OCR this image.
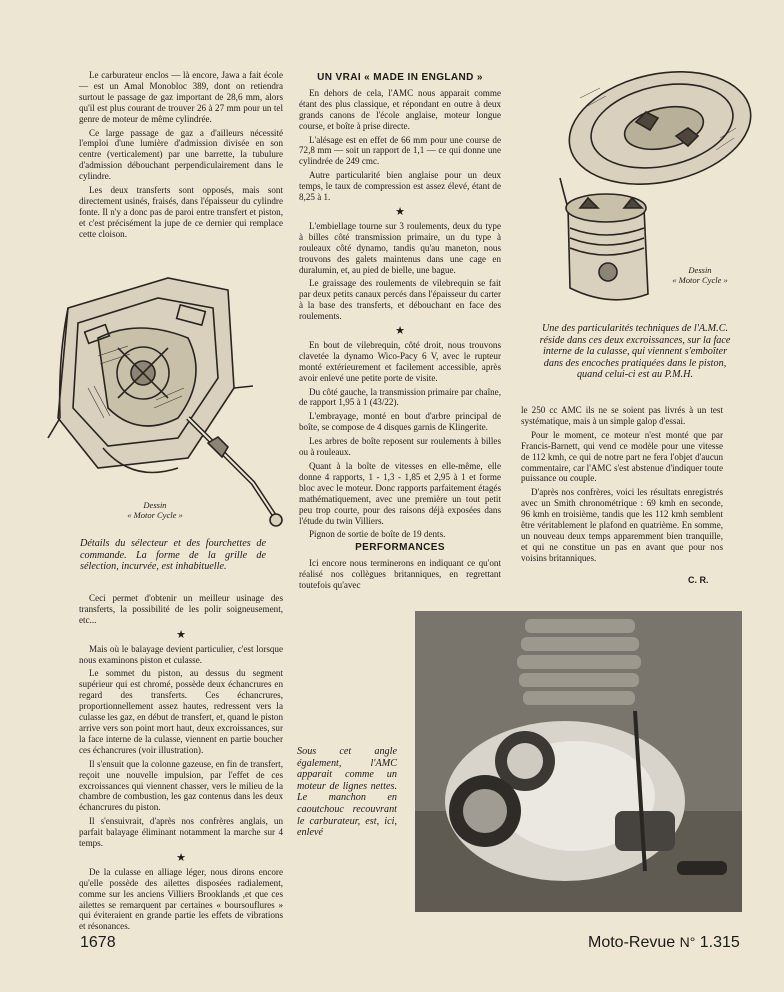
Le carburateur enclos — là encore, Jawa a fait école — est un Amal Monobloc 389, dont on retiendra surtout le passage de gaz important de 28,6 mm, alors qu'il est plus courant de trouver 26 à 27 mm pour un tel genre de moteur de même cylindrée.

Ce large passage de gaz a d'ailleurs nécessité l'emploi d'une lumière d'admission divisée en son centre (verticalement) par une barrette, la tubulure d'admission débouchant perpendiculairement dans le cylindre.

Les deux transferts sont opposés, mais sont directement usinés, fraisés, dans l'épaisseur du cylindre fonte. Il n'y a donc pas de paroi entre transfert et piston, et c'est précisément la jupe de ce dernier qui remplace cette cloison.

Dessin
« Motor Cycle »
Détails du sélecteur et des fourchettes de commande. La forme de la grille de sélection, incurvée, est inhabituelle.

Ceci permet d'obtenir un meilleur usinage des transferts, la possibilité de les polir soigneusement, etc...

★

Mais où le balayage devient particulier, c'est lorsque nous examinons piston et culasse.

Le sommet du piston, au dessus du segment supérieur qui est chromé, possède deux échancrures en regard des transferts. Ces échancrures, proportionnellement assez hautes, redressent vers la culasse les gaz, en début de transfert, et, quand le piston arrive vers son point mort haut, deux excroissances, sur la face interne de la culasse, viennent en partie boucher ces échancrures (voir illustration).

Il s'ensuit que la colonne gazeuse, en fin de transfert, reçoit une nouvelle impulsion, par l'effet de ces excroissances qui viennent chasser, vers le milieu de la chambre de combustion, les gaz contenus dans les deux échancrures du piston.

Il s'ensuivrait, d'après nos confrères anglais, un parfait balayage éliminant notamment la marche sur 4 temps.

★

De la culasse en alliage léger, nous dirons encore qu'elle possède des ailettes disposées radialement, comme sur les anciens Villiers Brooklands ,et que ces ailettes se remarquent par certaines « boursouflures » qui éviteraient en grande partie les effets de vibrations et résonances.

UN VRAI « MADE IN ENGLAND »

En dehors de cela, l'AMC nous apparait comme étant des plus classique, et répondant en outre à deux grands canons de l'école anglaise, moteur longue course, et boîte à prise directe.

L'alésage est en effet de 66 mm pour une course de 72,8 mm — soit un rapport de 1,1 — ce qui donne une cylindrée de 249 cmc.

Autre particularité bien anglaise pour un deux temps, le taux de compression est assez élevé, étant de 8,25 à 1.

★

L'embiellage tourne sur 3 roulements, deux du type à billes côté transmission primaire, un du type à rouleaux côté dynamo, tandis qu'au maneton, nous trouvons des galets maintenus dans une cage en duralumin, et, au pied de bielle, une bague.

Le graissage des roulements de vilebrequin se fait par deux petits canaux percés dans l'épaisseur du carter à la base des transferts, et débouchant en face des roulements.

★

En bout de vilebrequin, côté droit, nous trouvons clavetée la dynamo Wico-Pacy 6 V, avec le rupteur monté extérieurement et facilement accessible, après avoir enlevé une petite porte de visite.

Du côté gauche, la transmission primaire par chaîne, de rapport 1,95 à 1 (43/22).

L'embrayage, monté en bout d'arbre principal de boîte, se compose de 4 disques garnis de Klingerite.

Les arbres de boîte reposent sur roulements à billes ou à rouleaux.

Quant à la boîte de vitesses en elle-même, elle donne 4 rapports, 1 - 1,3 - 1,85 et 2,95 à 1 et forme bloc avec le moteur. Donc rapports parfaitement étagés mathématiquement, avec une première un tout petit peu trop courte, pour des raisons déjà exposées dans l'étude du twin Villiers.

Pignon de sortie de boîte de 19 dents.

PERFORMANCES

Ici encore nous terminerons en indiquant ce qu'ont réalisé nos collègues britanniques, en regrettant toutefois qu'avec

Dessin
« Motor Cycle »
Une des particularités techniques de l'A.M.C. réside dans ces deux excroissances, sur la face interne de la culasse, qui viennent s'emboîter dans des encoches pratiquées dans le piston, quand celui-ci est au P.M.H.

le 250 cc AMC ils ne se soient pas livrés à un test systématique, mais à un simple galop d'essai.

Pour le moment, ce moteur n'est monté que par Francis-Barnett, qui vend ce modèle pour une vitesse de 112 kmh, ce qui de notre part ne fera l'objet d'aucun commentaire, car l'AMC s'est abstenue d'indiquer toute puissance ou couple.

D'après nos confrères, voici les résultats enregistrés avec un Smith chronométrique : 69 kmh en seconde, 96 kmh en troisième, tandis que les 112 kmh semblent être véritablement le plafond en quatrième. En somme, un nouveau deux temps apparemment bien tranquille, et qui ne constitue un pas en avant que pour nos voisins britanniques.

C. R.
Sous cet angle également, l'AMC apparait comme un moteur de lignes nettes. Le manchon en caoutchouc recouvrant le carburateur, est, ici, enlevé
1678	Moto-Revue N° 1.315
